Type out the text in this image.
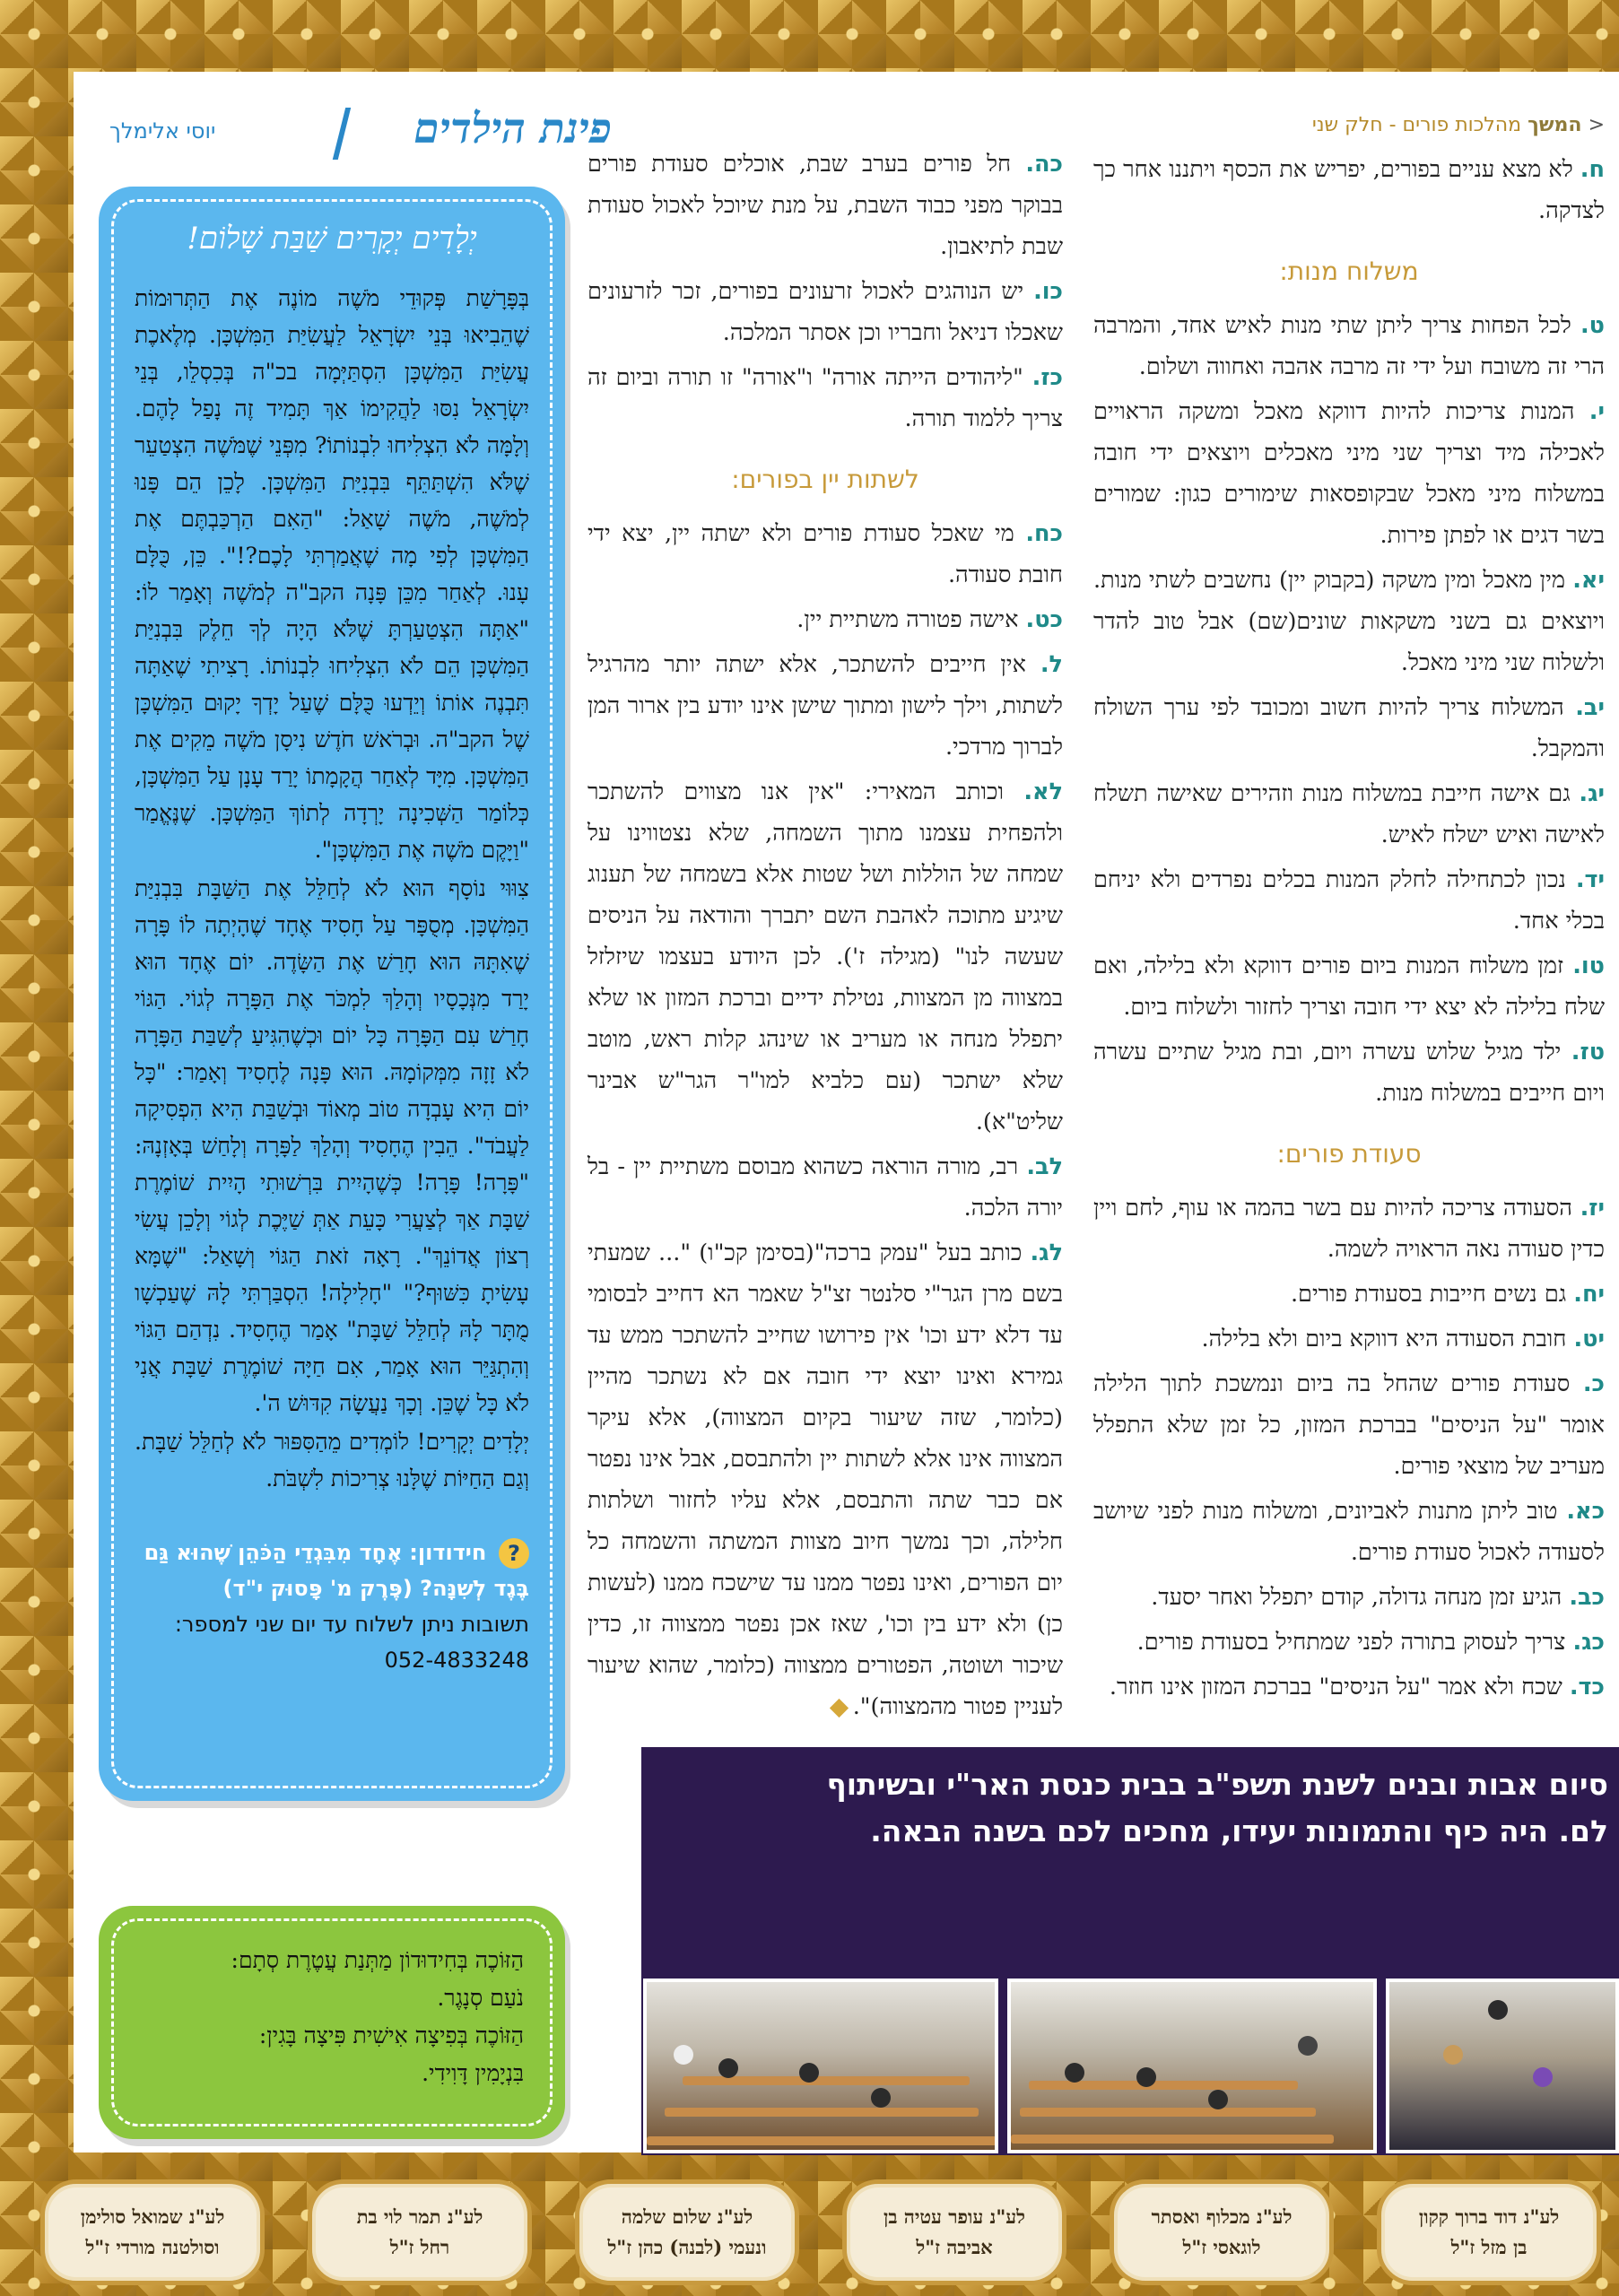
< המשך מהלכות פורים - חלק שני
ח. לא מצא עניים בפורים, יפריש את הכסף ויתננו אחר כך לצדקה.
משלוח מנות:
ט. לכל הפחות צריך ליתן שתי מנות לאיש אחד, והמרבה הרי זה משובח ועל ידי זה מרבה אהבה ואחווה ושלום.
י. המנות צריכות להיות דווקא מאכל ומשקה הראויים לאכילה מיד וצריך שני מיני מאכלים ויוצאים ידי חובה במשלוח מיני מאכל שבקופסאות שימורים כגון: שמורים בשר דגים או לפתן פירות.
יא. מין מאכל ומין משקה (בקבוק יין) נחשבים לשתי מנות. ויוצאים גם בשני משקאות שונים(שם) אבל טוב להדר ולשלוח שני מיני מאכל.
יב. המשלוח צריך להיות חשוב ומכובד לפי ערך השולח והמקבל.
יג. גם אישה חייבת במשלוח מנות וזהירים שאישה תשלח לאישה ואיש ישלח לאיש.
יד. נכון לכתחילה לחלק המנות בכלים נפרדים ולא יניחם בכלי אחד.
טו. זמן משלוח המנות ביום פורים דווקא ולא בלילה, ואם שלח בלילה לא יצא ידי חובה וצריך לחזור ולשלוח ביום.
טז. ילד מגיל שלוש עשרה ויום, ובת מגיל שתיים עשרה ויום חייבים במשלוח מנות.
סעודת פורים:
יז. הסעודה צריכה להיות עם בשר בהמה או עוף, לחם ויין כדין סעודה נאה הראויה לשמה.
יח. גם נשים חייבות בסעודת פורים.
יט. חובת הסעודה היא דווקא ביום ולא בלילה.
כ. סעודת פורים שהחל בה ביום ונמשכת לתוך הלילה אומר "על הניסים" בברכת המזון, כל זמן שלא התפלל מעריב של מוצאי פורים.
כא. טוב ליתן מתנות לאביונים, ומשלוח מנות לפני שיושב לסעודה לאכול סעודת פורים.
כב. הגיע זמן מנחה גדולה, קודם יתפלל ואחר יסעד.
כג. צריך לעסוק בתורה לפני שמתחיל בסעודת פורים.
כד. שכח ולא אמר "על הניסים" בברכת המזון אינו חוזר.
כה. חל פורים בערב שבת, אוכלים סעודת פורים בבוקר מפני כבוד השבת, על מנת שיוכל לאכול סעודת שבת לתיאבון.
כו. יש הנוהגים לאכול זרעונים בפורים, זכר לזרעונים שאכלו דניאל וחבריו וכן אסתר המלכה.
כז. "ליהודים הייתה אורה" ו"אורה" זו תורה וביום זה צריך ללמוד תורה.
לשתות יין בפורים:
כח. מי שאכל סעודת פורים ולא ישתה יין, יצא ידי חובת סעודה.
כט. אישה פטורה משתיית יין.
ל. אין חייבים להשתכר, אלא ישתה יותר מהרגיל לשתות, וילך לישון ומתוך שישן אינו יודע בין ארור המן לברוך מרדכי.
לא. וכותב המאירי: "אין אנו מצווים להשתכר ולהפחית עצמנו מתוך השמחה, שלא נצטווינו על שמחה של הוללות ושל שטות אלא בשמחה של תענוג שיגיע מתוכה לאהבת השם יתברך והודאה על הניסים שעשה לנו" (מגילה ז'). לכן היודע בעצמו שיזלזל במצווה מן המצוות, נטילת ידיים וברכת המזון או שלא יתפלל מנחה או מעריב או שינהג קלות ראש, מוטב שלא ישתכר (עם כלביא למו"ר הגר"ש אבינר שליט"א).
לב. רב, מורה הוראה כשהוא מבוסם משתיית יין - בל יורה הלכה.
לג. כותב בעל "עמק ברכה"(בסימן קכ"ו) "... שמעתי בשם מרן הגר"י סלנטר זצ"ל שאמר הא דחייב לבסומי עד דלא ידע וכו' אין פירושו שחייב להשתכר ממש עד גמירא ואינו יוצא ידי חובה אם לא נשתכר מהיין (כלומר, שזה שיעור בקיום המצווה), אלא עיקר המצווה אינו אלא לשתות יין ולהתבסם, אבל אינו נפטר אם כבר שתה והתבסם, אלא עליו לחזור ושלתות חלילה, וכך נמשך חיוב מצוות המשתה והשמחה כל יום הפורים, ואינו נפטר ממנו עד שישכח ממנו (לעשות כן) ולא ידע בין וכו', שאז אכן נפטר ממצווה זו, כדין שיכור ושוטה, הפטורים ממצווה (כלומר, שהוא שיעור לעניין פטור מהמצווה)".
פינת הילדים
יוסי אלימלך
יְלָדִים יְקָרִים שַׁבַּת שָׁלוֹם!

בְּפָּרָשַׁת פְּקוּדֵי מֹשֶׁה מוֹנֶה אֶת הַתְּרוּמוֹת שֶׁהֵבִיאוּ בְּנֵי יִשְׂרָאֵל לַעֲשִׂיַּת הַמִּשְׁכָּן. מְלֶאכֶת עֲשִׂיַּת הַמִּשְׁכָּן הִסְתַּיְּמָה בכ"ה בְּכִסְלֵו, בְּנֵי יִשְׂרָאֵל נִסּוּ לַהֲקִימוֹ אַךְ תָּמִיד זֶה נָפַל לָהֶם. וְלָמָּה לֹא הִצְלִיחוּ לִבְנוֹתוֹ? מִפְּנֵי שֶׁמֹּשֶׁה הִצְטַעֵר שֶׁלֹּא הִשְׁתַּתֵּף בִּבְנִיַּת הַמִּשְׁכָּן. לָכֵן הֵם פָּנוּ לְמֹשֶׁה, מֹשֶׁה שָׁאַל: "הַאִם הַרְכַּבְתֶּם אֶת הַמִּשְׁכָּן לְפִי מָה שֶׁאֲמַרְתִּי לָכֶם?!". כֵּן, כֻּלָּם עָנוּ. לְאַחַר מִכֵּן פָּנָה הקב"ה לְמֹשֶׁה וְאָמַר לוֹ: "אַתָּה הִצְטַעַרְתָּ שֶׁלֹּא הָיָה לְךָ חֵלֶק בִּבְנִיַּת הַמִּשְׁכָּן הֵם לֹא הִצְלִיחוּ לִבְנוֹתוֹ. רָצִיתִי שֶׁאַתָּה תִּבְנֶה אוֹתוֹ וְיֵדְעוּ כֻּלָּם שֶׁעַל יָדְךָ יָקוּם הַמִּשְׁכָּן שֶׁל הקב"ה. וּבְרֹאשׁ חֹדֶשׁ נִיסָן מֹשֶׁה מֵקִים אֶת הַמִּשְׁכָּן. מִיָּד לְאַחַר הֲקָמָתוֹ יָרַד עָנָן עַל הַמִּשְׁכָּן, כְּלוֹמַר הַשְּׁכִינָה יָרְדָה לְתוֹךְ הַמִּשְׁכָּן. שֶׁנֶּאֱמַר "וַיָּקֶם מֹשֶׁה אֶת הַמִּשְׁכָּן".

צִוּוּי נוֹסָף הוּא לֹא לְחַלֵּל אֶת הַשַּׁבָּת בִּבְנִיַּת הַמִּשְׁכָּן. מְסֻפָּר עַל חָסִיד אֶחָד שֶׁהָיְתָה לוֹ פָּרָה שֶׁאִתָּהּ הוּא חָרַשׁ אֶת הַשָּׂדֶה. יוֹם אֶחָד הוּא יָרַד מִנְּכָסָיו וְהָלַךְ לִמְכֹּר אֶת הַפָּרָה לְגוֹי. הַגּוֹי חָרַשׁ עִם הַפָּרָה כָּל יוֹם וּכְשֶׁהִגִּיעַ לְשַׁבַּת הַפָּרָה לֹא זָזָה מִמְּקוֹמָהּ. הוּא פָּנָה לֶחָסִיד וְאָמַר: "כָּל יוֹם הִיא עָבְדָה טוֹב מְאוֹד וּבְשַׁבַּת הִיא הִפְסִיקָה לַעֲבֹד". הֵבִין הֶחָסִיד וְהָלַךְ לַפָּרָה וְלָחַשׁ בְּאָזְנָהּ: "פָּרָה! פָּרָה! כְּשֶׁהָיִית בִּרְשׁוּתִי הָיִית שׁוֹמֶרֶת שַׁבָּת אַךְ לְצַעֲרִי כָּעֵת אַתְּ שַׁיֶּכֶת לְגוֹי וְלָכֵן עֲשִׂי רְצוֹן אֲדוֹנֵךְ". רָאָה זֹאת הַגּוֹי וְשָׁאַל: "שֶׁמָּא עָשִׂיתָ כִּשּׁוּף?" "חָלִילָה! הִסְבַּרְתִּי לָהּ שֶׁעַכְשָׁו מֻתָּר לָהּ לְחַלֵּל שַׁבָּת" אָמַר הֶחָסִיד. נִדְהַם הַגּוֹי וְהִתְגַּיֵּר הוּא אָמַר, אִם חַיָּה שׁוֹמֶרֶת שַׁבָּת אֲנִי לֹא כָּל שֶׁכֵּן. וְכָךְ נַעֲשָׂה קִדּוּשׁ ה'.

יְלָדִים יְקָרִים! לוֹמְדִים מֵהַסִּפּוּר לֹא לְחַלֵּל שַׁבָּת. וְגַם הַחַיּוֹת שֶׁלָּנוּ צְרִיכוֹת לִשְׁבֹּת.

? חידודון: אֶחָד מִבִּגְדֵי הַכֹּהֵן שֶׁהוּא גַּם בֶּגֶד לְשִׁנָּה? (פֶּרֶק מ' פָּסוּק י"ד)
תשובות ניתן לשלוח עד יום שני למספר: 052-4833248
הַזּוֹכֶה בְּחִידוּדוֹן מַתְּנַת עֲטֶרֶת סְתָם:
נֹעַם סְנָגֶר.
הַזּוֹכֶה בְּפִיצָה אִישִׁית פִּיצָה בָּגִין:
בִּנְיָמִין דָּוִידִי.
סיום אבות ובנים לשנת תשפ"ב בבית כנסת האר"י ובשיתוף
לם. היה כיף והתמונות יעידו, מחכים לכם בשנה הבאה.
לע"נ דוד ברוך קקון
בן מזל ז"ל
לע"נ מכלוף ואסתר
לוגאסי ז"ל
לע"נ עופר עטיה בן
אביבה ז"ל
לע"נ שלום שלמה
ונעמי (לבנה) כהן ז"ל
לע"נ תמר לוי בת
רחל ז"ל
לע"נ שמואל סולימן
וסולטנה מורדי ז"ל
